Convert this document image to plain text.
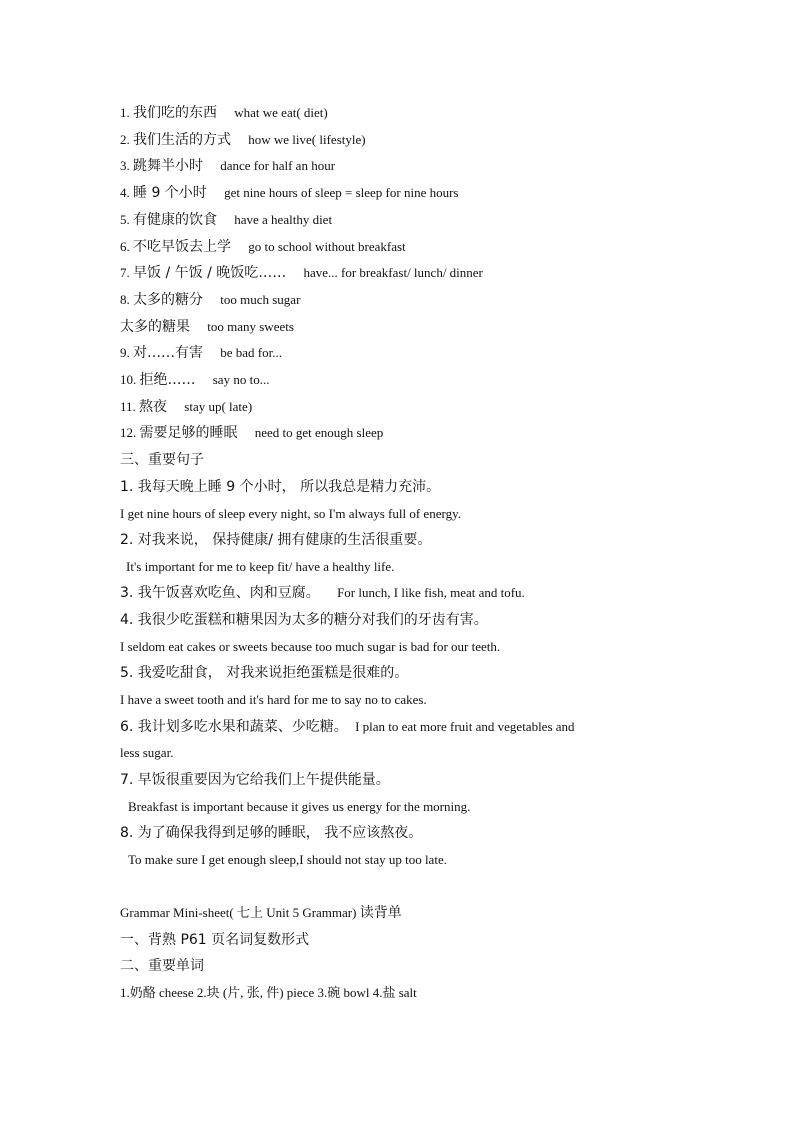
1. 我们吃的东西 what we eat( diet)
2. 我们生活的方式 how we live( lifestyle)
3. 跳舞半小时 dance for half an hour
4. 睡 9 个小时 get nine hours of sleep = sleep for nine hours
5. 有健康的饮食 have a healthy diet
6. 不吃早饭去上学 go to school without breakfast
7. 早饭 / 午饭 / 晚饭吃…… have... for breakfast/ lunch/ dinner
8. 太多的糖分 too much sugar
太多的糖果 too many sweets
9. 对……有害 be bad for...
10. 拒绝…… say no to...
11. 熬夜 stay up( late)
12. 需要足够的睡眠 need to get enough sleep
三、重要句子
1. 我每天晚上睡 9 个小时， 所以我总是精力充沛。
I get nine hours of sleep every night, so I'm always full of energy.
2. 对我来说， 保持健康/ 拥有健康的生活很重要。
It's important for me to keep fit/ have a healthy life.
3. 我午饭喜欢吃鱼、肉和豆腐。 For lunch, I like fish, meat and tofu.
4. 我很少吃蛋糕和糖果因为太多的糖分对我们的牙齿有害。
I seldom eat cakes or sweets because too much sugar is bad for our teeth.
5. 我爱吃甜食， 对我来说拒绝蛋糕是很难的。
I have a sweet tooth and it's hard for me to say no to cakes.
6. 我计划多吃水果和蔬菜、少吃糖。 I plan to eat more fruit and vegetables and
less sugar.
7. 早饭很重要因为它给我们上午提供能量。
Breakfast is important because it gives us energy for the morning.
8. 为了确保我得到足够的睡眠， 我不应该熬夜。
To make sure I get enough sleep,I should not stay up too late.
Grammar Mini-sheet( 七上 Unit 5 Grammar) 读背单
一、背熟 P61 页名词复数形式
二、重要单词
1.奶酪 cheese 2.块 (片, 张, 件) piece 3.碗 bowl 4.盐 salt
